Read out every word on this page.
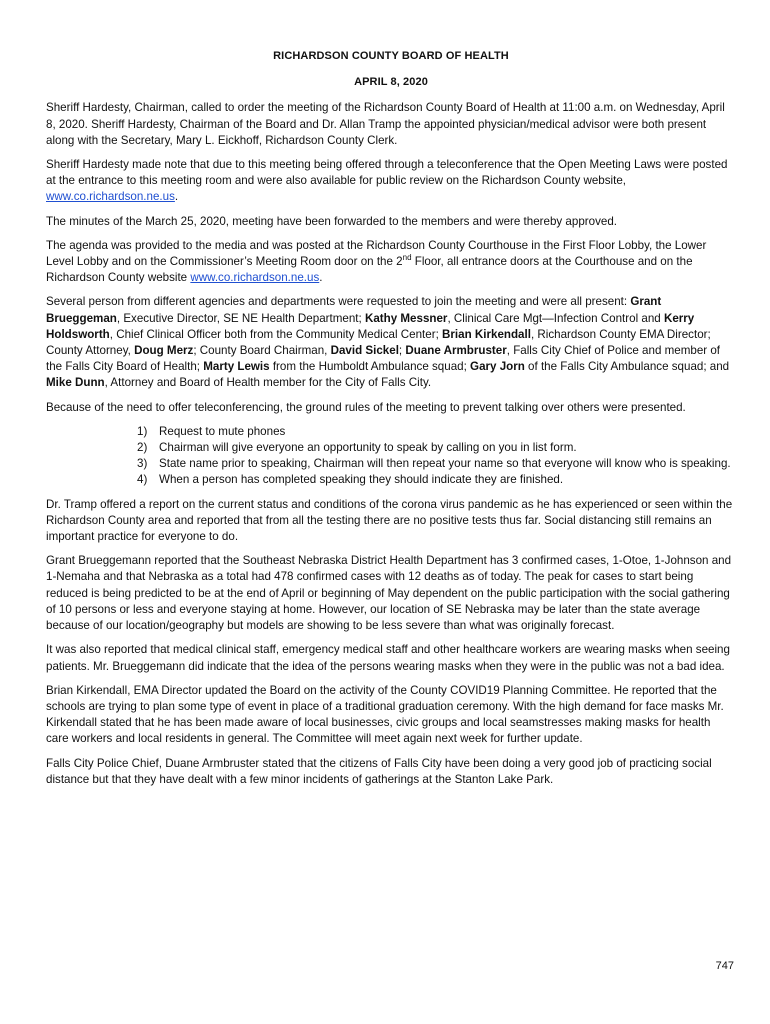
RICHARDSON COUNTY BOARD OF HEALTH
APRIL 8, 2020

Sheriff Hardesty, Chairman, called to order the meeting of the Richardson County Board of Health at 11:00 a.m. on Wednesday, April 8, 2020. Sheriff Hardesty, Chairman of the Board and Dr. Allan Tramp the appointed physician/medical advisor were both present along with the Secretary, Mary L. Eickhoff, Richardson County Clerk.

Sheriff Hardesty made note that due to this meeting being offered through a teleconference that the Open Meeting Laws were posted at the entrance to this meeting room and were also available for public review on the Richardson County website, www.co.richardson.ne.us.

The minutes of the March 25, 2020, meeting have been forwarded to the members and were thereby approved.

The agenda was provided to the media and was posted at the Richardson County Courthouse in the First Floor Lobby, the Lower Level Lobby and on the Commissioner’s Meeting Room door on the 2nd Floor, all entrance doors at the Courthouse and on the Richardson County website www.co.richardson.ne.us.

Several person from different agencies and departments were requested to join the meeting and were all present: Grant Brueggeman, Executive Director, SE NE Health Department; Kathy Messner, Clinical Care Mgt—Infection Control and Kerry Holdsworth, Chief Clinical Officer both from the Community Medical Center; Brian Kirkendall, Richardson County EMA Director; County Attorney, Doug Merz; County Board Chairman, David Sickel; Duane Armbruster, Falls City Chief of Police and member of the Falls City Board of Health; Marty Lewis from the Humboldt Ambulance squad; Gary Jorn of the Falls City Ambulance squad; and Mike Dunn, Attorney and Board of Health member for the City of Falls City.

Because of the need to offer teleconferencing, the ground rules of the meeting to prevent talking over others were presented.

1) Request to mute phones
2) Chairman will give everyone an opportunity to speak by calling on you in list form.
3) State name prior to speaking, Chairman will then repeat your name so that everyone will know who is speaking.
4) When a person has completed speaking they should indicate they are finished.

Dr. Tramp offered a report on the current status and conditions of the corona virus pandemic as he has experienced or seen within the Richardson County area and reported that from all the testing there are no positive tests thus far. Social distancing still remains an important practice for everyone to do.

Grant Brueggemann reported that the Southeast Nebraska District Health Department has 3 confirmed cases, 1-Otoe, 1-Johnson and 1-Nemaha and that Nebraska as a total had 478 confirmed cases with 12 deaths as of today. The peak for cases to start being reduced is being predicted to be at the end of April or beginning of May dependent on the public participation with the social gathering of 10 persons or less and everyone staying at home. However, our location of SE Nebraska may be later than the state average because of our location/geography but models are showing to be less severe than what was originally forecast.

It was also reported that medical clinical staff, emergency medical staff and other healthcare workers are wearing masks when seeing patients. Mr. Brueggemann did indicate that the idea of the persons wearing masks when they were in the public was not a bad idea.

Brian Kirkendall, EMA Director updated the Board on the activity of the County COVID19 Planning Committee. He reported that the schools are trying to plan some type of event in place of a traditional graduation ceremony. With the high demand for face masks Mr. Kirkendall stated that he has been made aware of local businesses, civic groups and local seamstresses making masks for health care workers and local residents in general. The Committee will meet again next week for further update.

Falls City Police Chief, Duane Armbruster stated that the citizens of Falls City have been doing a very good job of practicing social distance but that they have dealt with a few minor incidents of gatherings at the Stanton Lake Park.

747
